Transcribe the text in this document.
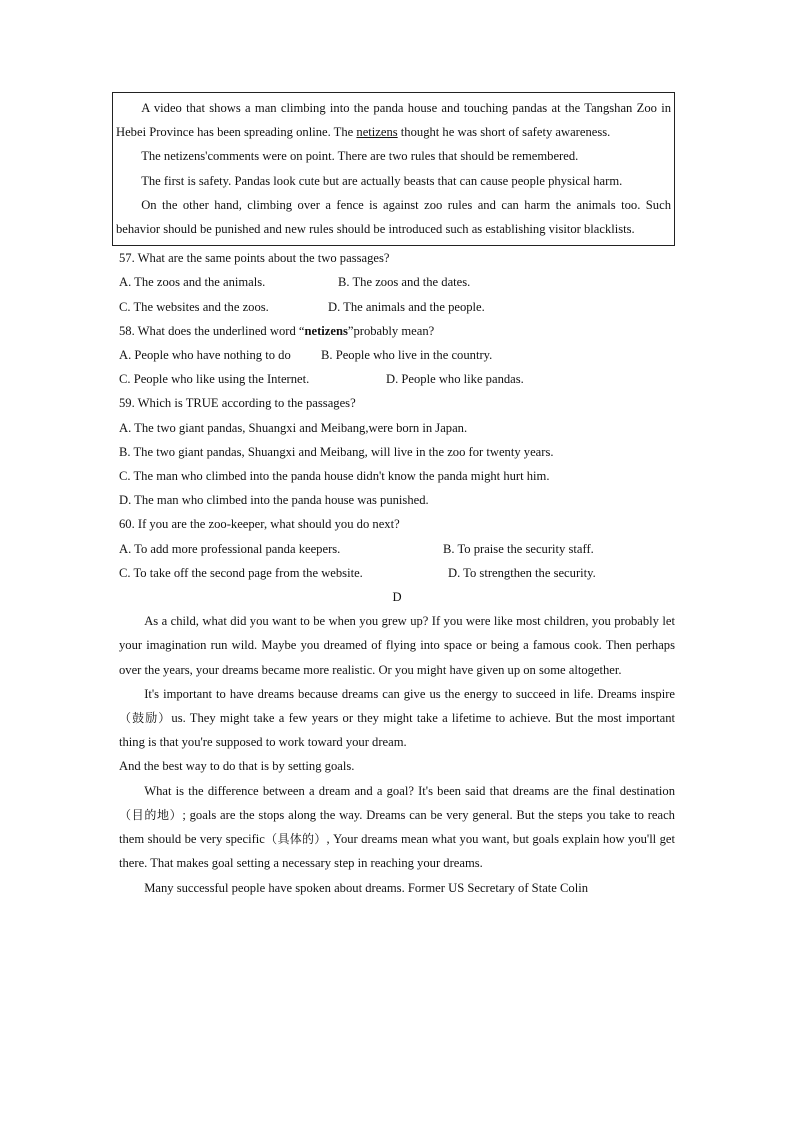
A video that shows a man climbing into the panda house and touching pandas at the Tangshan Zoo in Hebei Province has been spreading online. The netizens thought he was short of safety awareness.

The netizens'comments were on point. There are two rules that should be remembered.

The first is safety. Pandas look cute but are actually beasts that can cause people physical harm.

On the other hand, climbing over a fence is against zoo rules and can harm the animals too. Such behavior should be punished and new rules should be introduced such as establishing visitor blacklists.

57. What are the same points about the two passages?

A. The zoos and the animals.	B. The zoos and the dates.
C. The websites and the zoos.	D. The animals and the people.

58. What does the underlined word “netizens”probably mean?

A. People who have nothing to do	B. People who live in the country.
C. People who like using the Internet.	D. People who like pandas.

59. Which is TRUE according to the passages?

A. The two giant pandas, Shuangxi and Meibang,were born in Japan.

B. The two giant pandas, Shuangxi and Meibang, will live in the zoo for twenty years.

C. The man who climbed into the panda house didn't know the panda might hurt him.

D. The man who climbed into the panda house was punished.

60. If you are the zoo-keeper, what should you do next?

A. To add more professional panda keepers.	B. To praise the security staff.
C. To take off the second page from the website.	D. To strengthen the security.

D

As a child, what did you want to be when you grew up? If you were like most children, you probably let your imagination run wild. Maybe you dreamed of flying into space or being a famous cook. Then perhaps over the years, your dreams became more realistic. Or you might have given up on some altogether.

It's important to have dreams because dreams can give us the energy to succeed in life. Dreams inspire （鼓励）us. They might take a few years or they might take a lifetime to achieve. But the most important thing is that you're supposed to work toward your dream.

And the best way to do that is by setting goals.

What is the difference between a dream and a goal? It's been said that dreams are the final destination（目的地）; goals are the stops along the way. Dreams can be very general. But the steps you take to reach them should be very specific（具体的）, Your dreams mean what you want, but goals explain how you'll get there. That makes goal setting a necessary step in reaching your dreams.

Many successful people have spoken about dreams. Former US Secretary of State Colin
